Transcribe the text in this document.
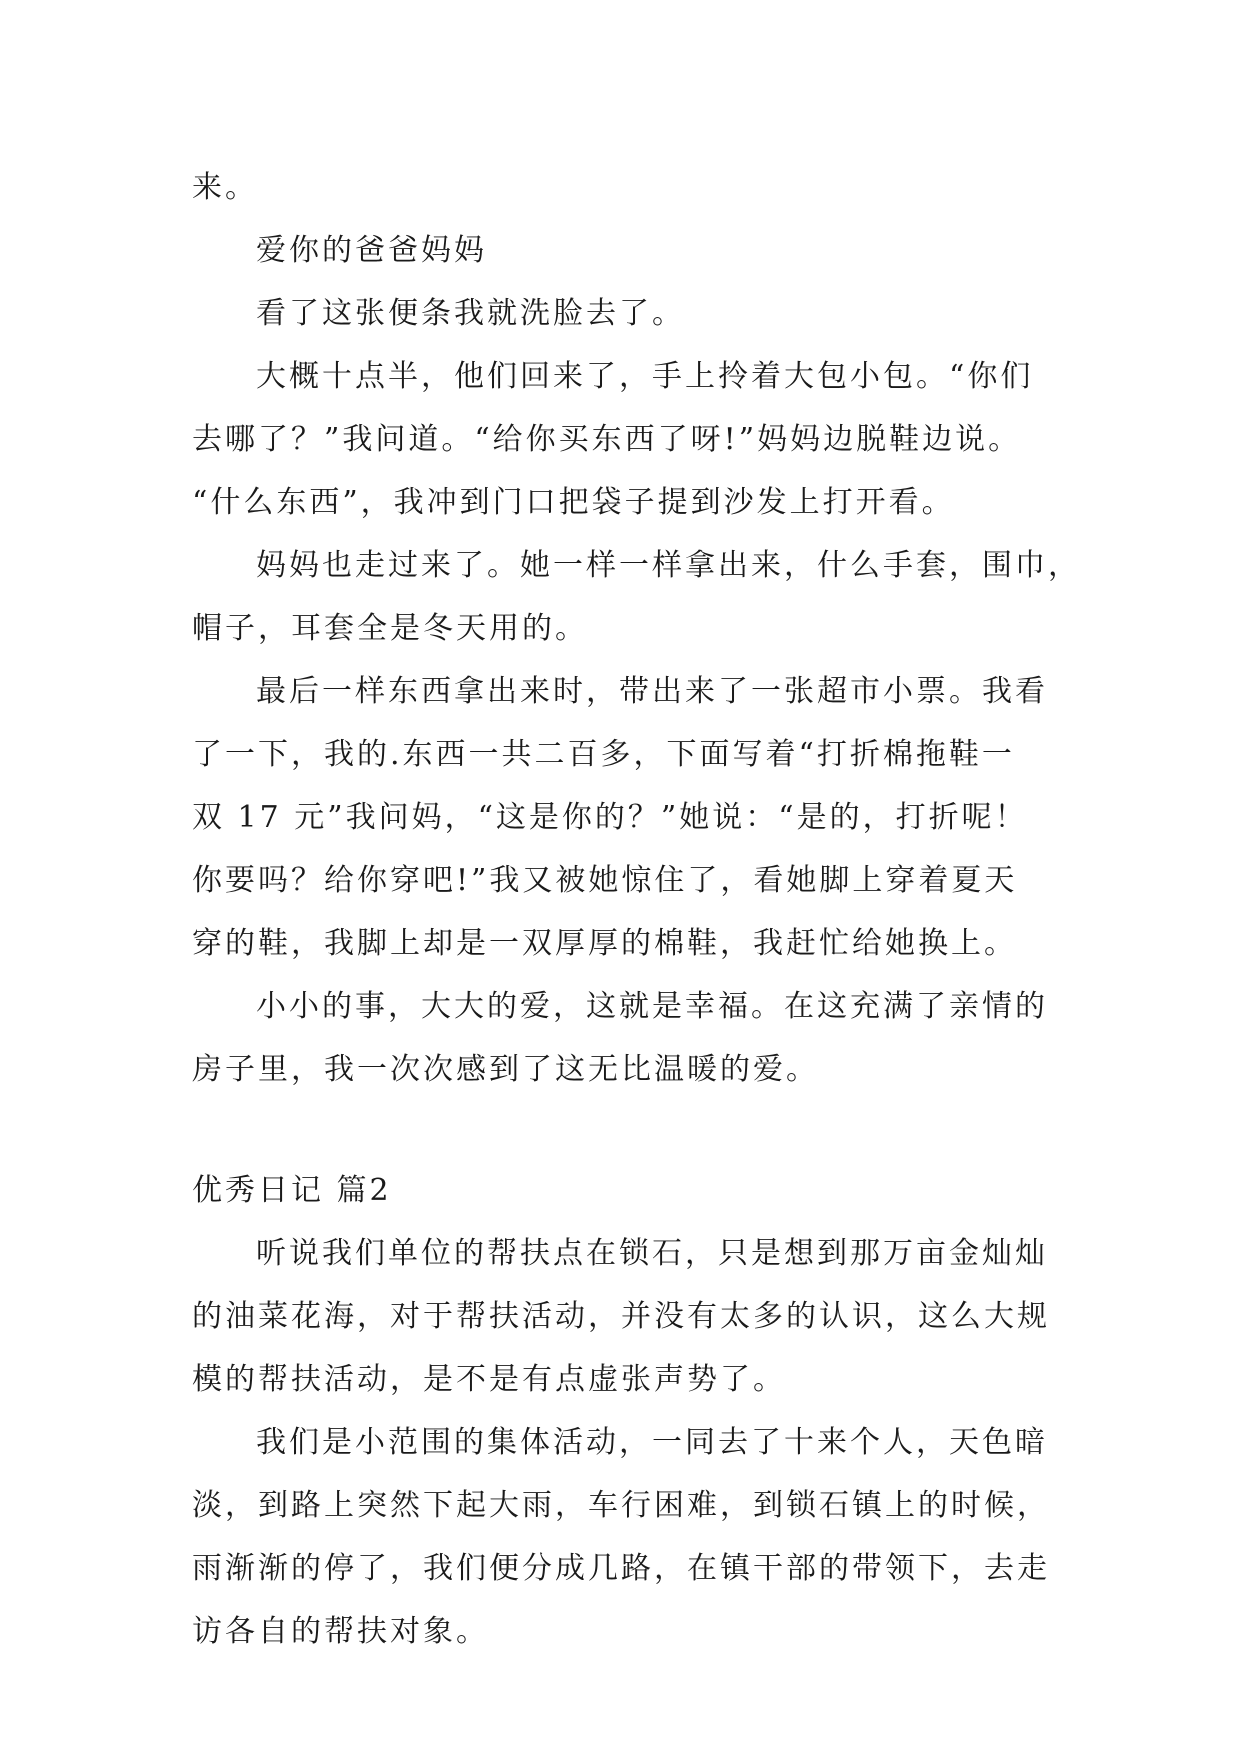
来。

爱你的爸爸妈妈

看了这张便条我就洗脸去了。

大概十点半，他们回来了，手上拎着大包小包。“你们
去哪了？”我问道。“给你买东西了呀!”妈妈边脱鞋边说。
“什么东西”，我冲到门口把袋子提到沙发上打开看。

妈妈也走过来了。她一样一样拿出来，什么手套，围巾，
帽子，耳套全是冬天用的。

最后一样东西拿出来时，带出来了一张超市小票。我看
了一下，我的.东西一共二百多，下面写着“打折棉拖鞋一
双 17 元”我问妈，“这是你的？”她说：“是的，打折呢！
你要吗？给你穿吧!”我又被她惊住了，看她脚上穿着夏天
穿的鞋，我脚上却是一双厚厚的棉鞋，我赶忙给她换上。

小小的事，大大的爱，这就是幸福。在这充满了亲情的
房子里，我一次次感到了这无比温暖的爱。

优秀日记 篇2

听说我们单位的帮扶点在锁石，只是想到那万亩金灿灿
的油菜花海，对于帮扶活动，并没有太多的认识，这么大规
模的帮扶活动，是不是有点虚张声势了。

我们是小范围的集体活动，一同去了十来个人，天色暗
淡，到路上突然下起大雨，车行困难，到锁石镇上的时候，
雨渐渐的停了，我们便分成几路，在镇干部的带领下，去走
访各自的帮扶对象。
